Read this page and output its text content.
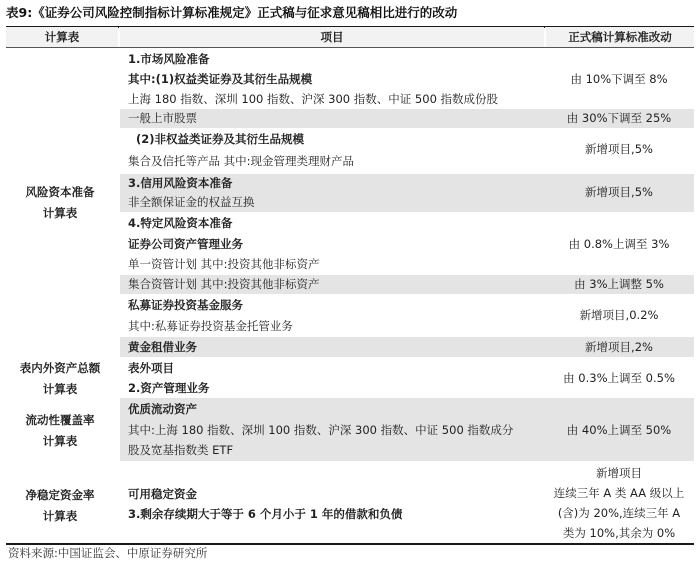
表9:《证券公司风险控制指标计算标准规定》正式稿与征求意见稿相比进行的改动
计算表	项目	正式稿计算标准改动
风险资本准备
计算表
表内外资产总额
计算表
流动性覆盖率
计算表
净稳定资金率
计算表
1.市场风险准备
其中:(1)权益类证券及其衍生品规模
上海 180 指数、深圳 100 指数、沪深 300 指数、中证 500 指数成份股
一般上市股票
(2)非权益类证券及其衍生品规模
集合及信托等产品 其中:现金管理类理财产品
3.信用风险资本准备
非全额保证金的权益互换
4.特定风险资本准备
证券公司资产管理业务
单一资管计划 其中:投资其他非标资产
集合资管计划 其中:投资其他非标资产
私募证券投资基金服务
其中:私募证券投资基金托管业务
黄金租借业务
表外项目
2.资产管理业务
优质流动资产
其中:上海 180 指数、深圳 100 指数、沪深 300 指数、中证 500 指数成分
股及宽基指数类 ETF
可用稳定资金
3.剩余存续期大于等于 6 个月小于 1 年的借款和负债
由 10%下调至 8%
由 30%下调至 25%
新增项目,5%
新增项目,5%
由 0.8%上调至 3%
由 3%上调整 5%
新增项目,0.2%
新增项目,2%
由 0.3%上调至 0.5%
由 40%上调至 50%
新增项目
连续三年 A 类 AA 级以上
(含)为 20%,连续三年 A
类为 10%,其余为 0%
资料来源:中国证监会、中原证券研究所
